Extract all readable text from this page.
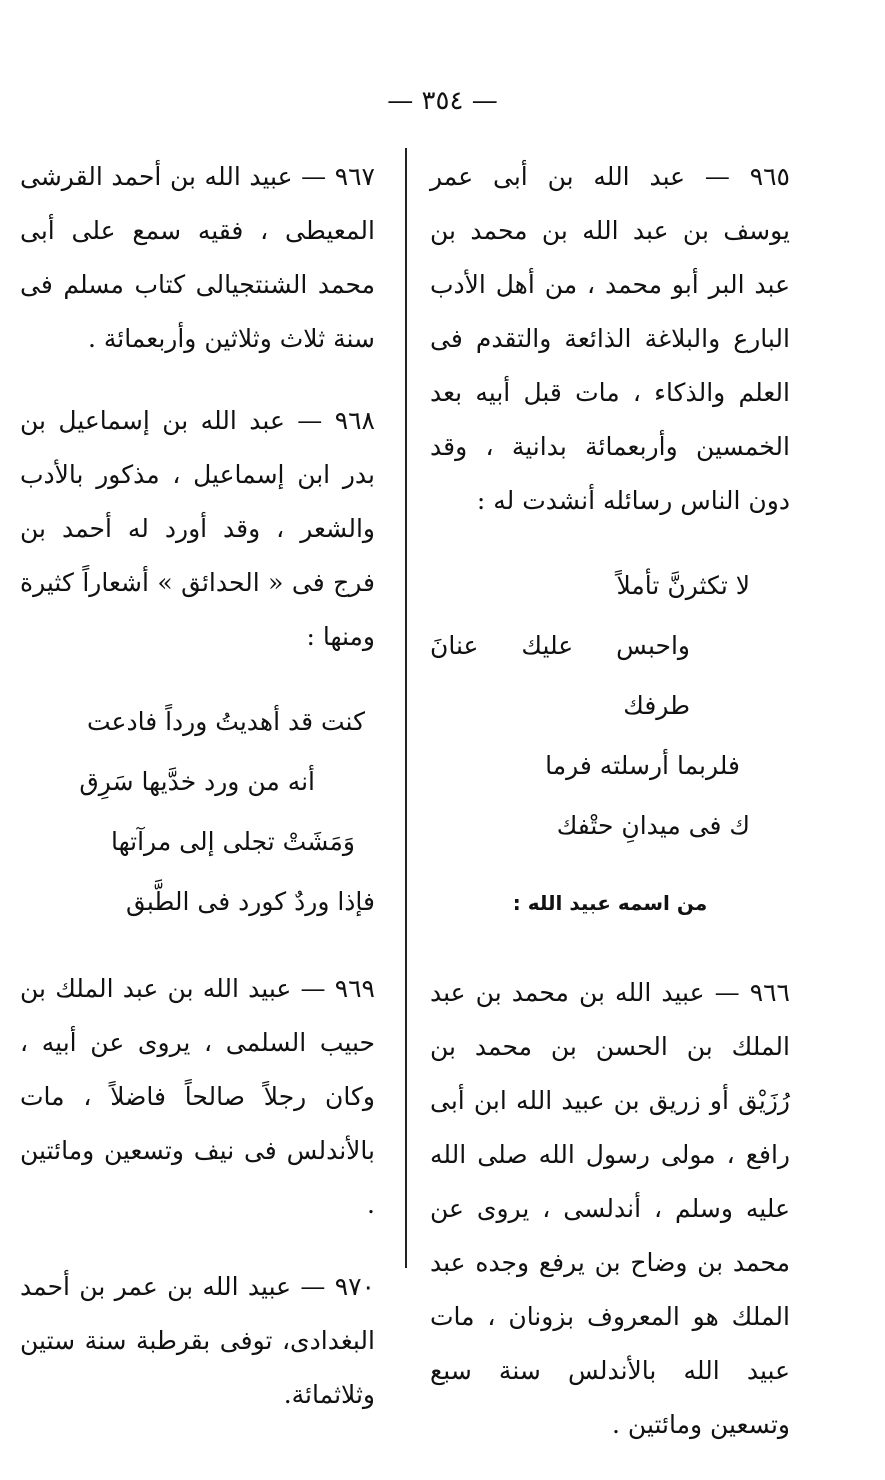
— ٣٥٤ —

٩٦٥ — عبد الله بن أبى عمر يوسف بن عبد الله بن محمد بن عبد البر أبو محمد ، من أهل الأدب البارع والبلاغة الذائعة والتقدم فى العلم والذكاء ، مات قبل أبيه بعد الخمسين وأربعمائة بدانية ، وقد دون الناس رسائله أنشدت له :

لا تكثرنَّ تأملاً
واحبس عليك عنانَ طرفك
فلربما أرسلته فرما
ك فى ميدانِ حتْفك

من اسمه عبيد الله :

٩٦٦ — عبيد الله بن محمد بن عبد الملك بن الحسن بن محمد بن رُزَيْق أو زريق بن عبيد الله ابن أبى رافع ، مولى رسول الله صلى الله عليه وسلم ، أندلسى ، يروى عن محمد بن وضاح بن يرفع وجده عبد الملك هو المعروف بزونان ، مات عبيد الله بالأندلس سنة سبع وتسعين ومائتين .

٩٦٧ — عبيد الله بن أحمد القرشى المعيطى ، فقيه سمع على أبى محمد الشنتجيالى كتاب مسلم فى سنة ثلاث وثلاثين وأربعمائة .

٩٦٨ — عبد الله بن إسماعيل بن بدر ابن إسماعيل ، مذكور بالأدب والشعر ، وقد أورد له أحمد بن فرج فى « الحدائق » أشعاراً كثيرة ومنها :

كنت قد أهديتُ ورداً فادعت
أنه من ورد خدَّيها سَرِق
وَمَشَتْ تجلى إلى مرآتها
فإذا وردٌ كورد فى الطَّبق

٩٦٩ — عبيد الله بن عبد الملك بن حبيب السلمى ، يروى عن أبيه ، وكان رجلاً صالحاً فاضلاً ، مات بالأندلس فى نيف وتسعين ومائتين .

٩٧٠ — عبيد الله بن عمر بن أحمد البغدادى، توفى بقرطبة سنة ستين وثلاثمائة.
